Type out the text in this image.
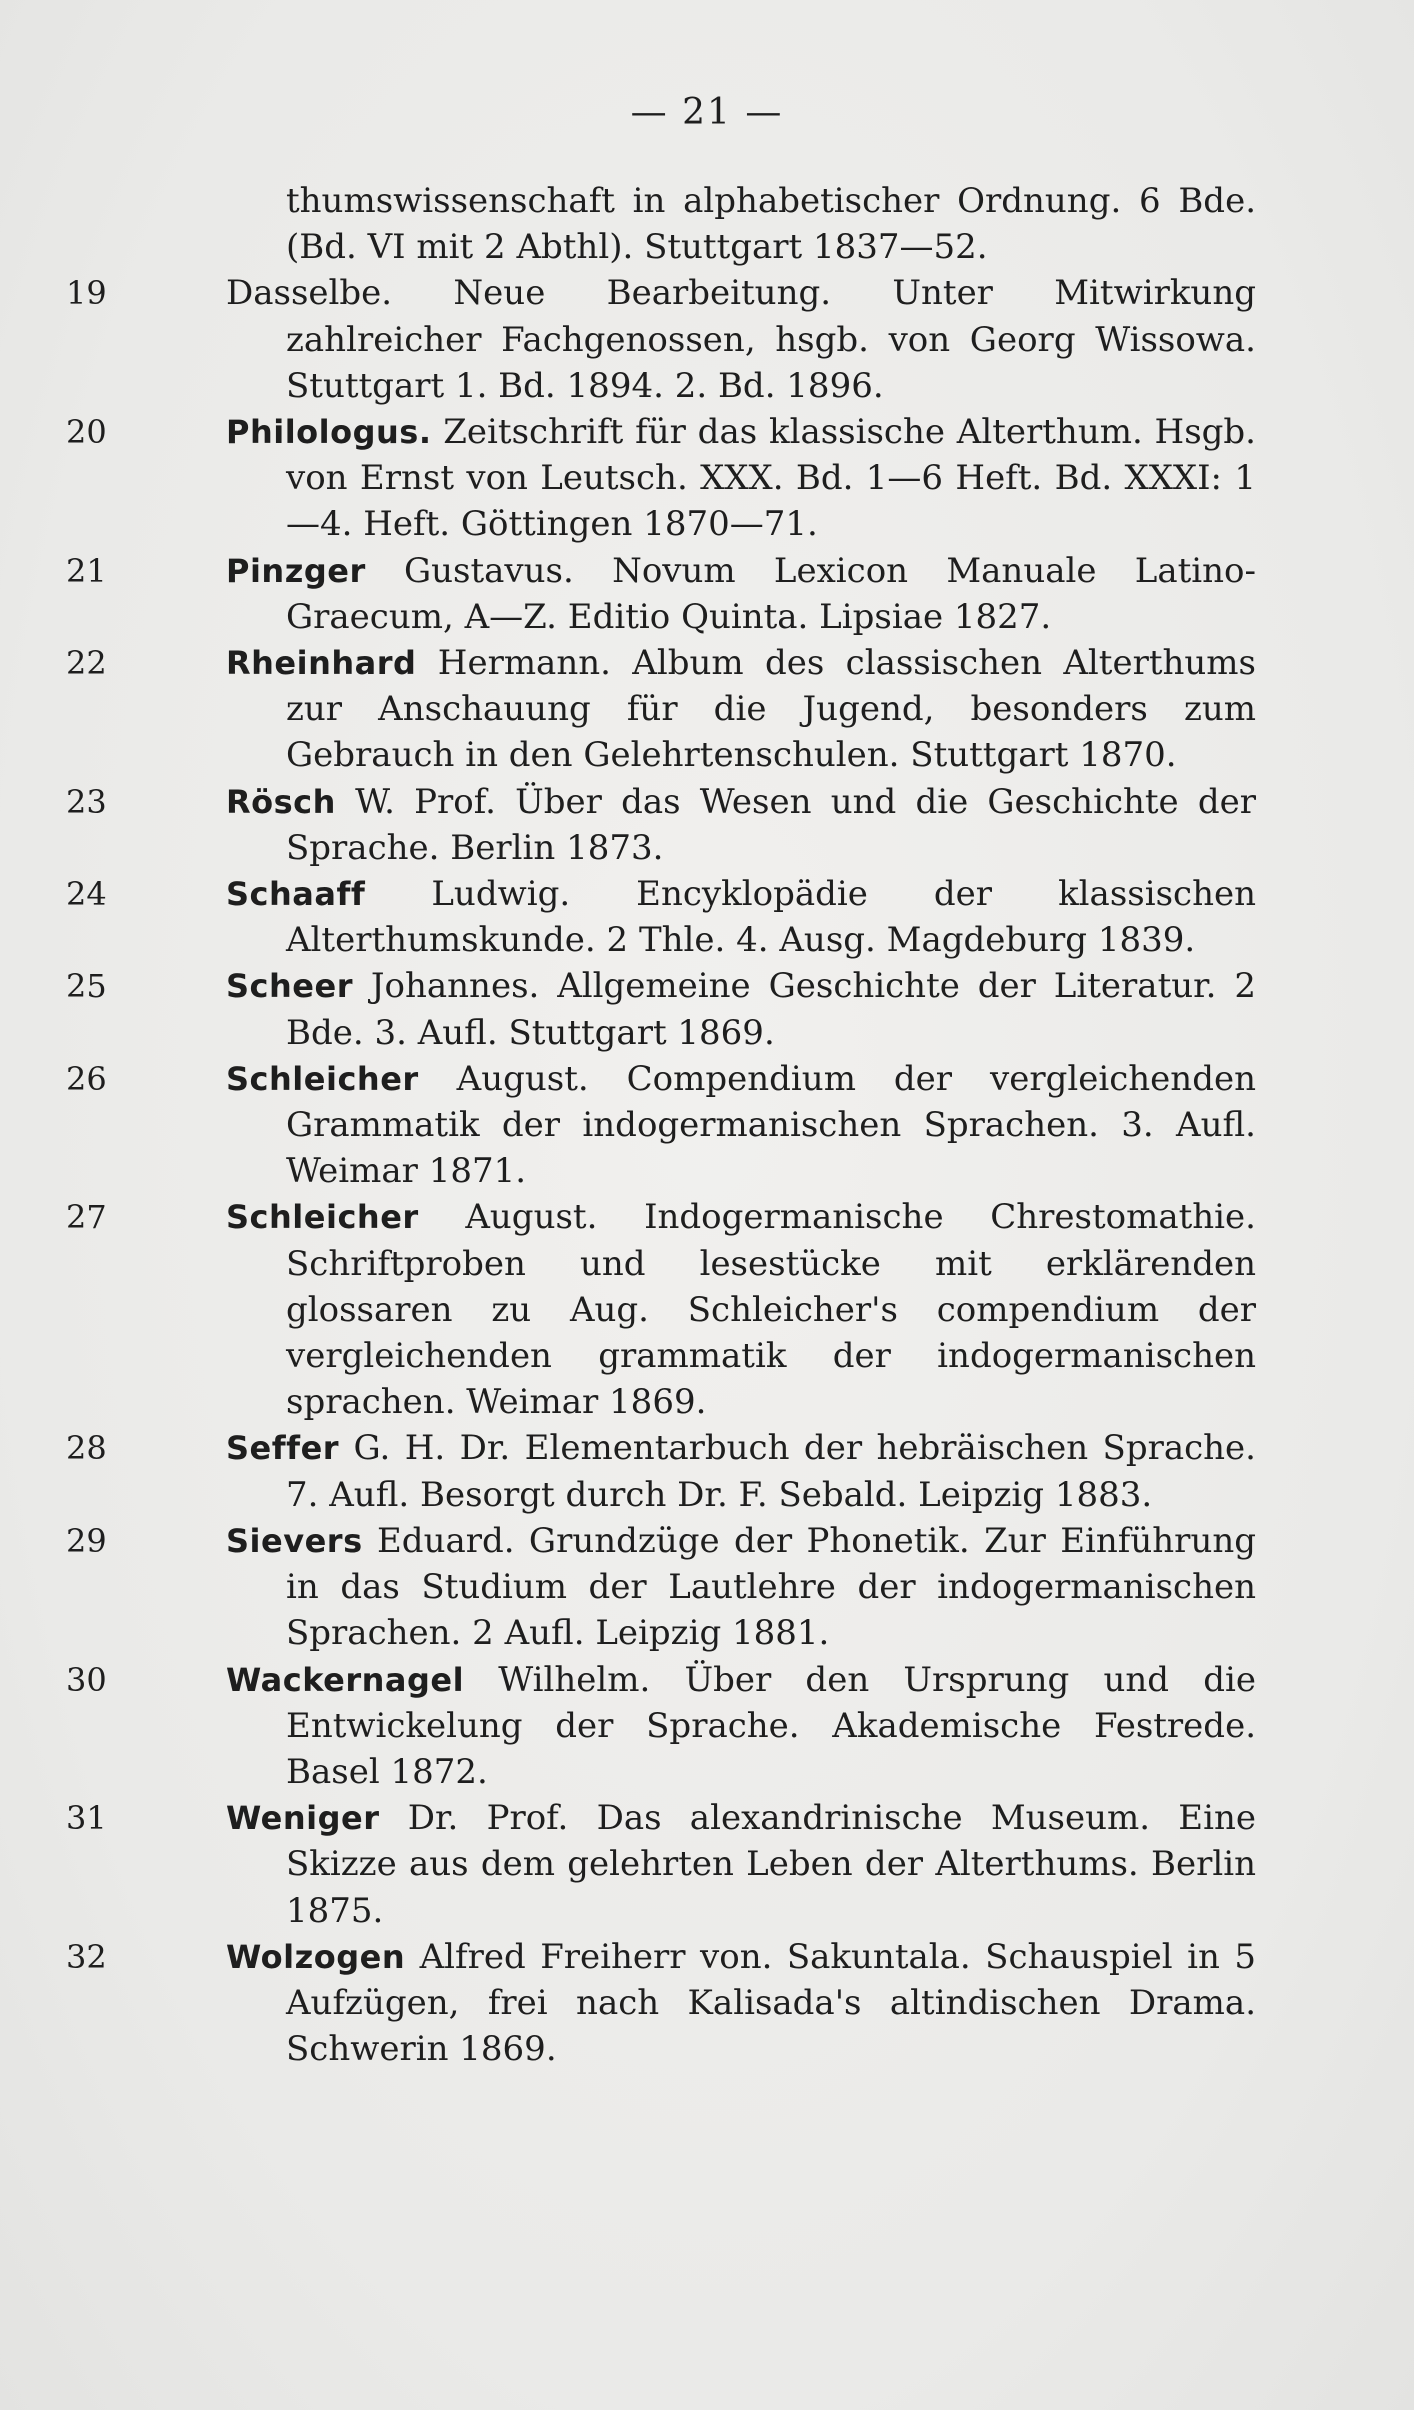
— 21 —
thumswissenschaft in alphabetischer Ordnung. 6 Bde. (Bd. VI mit 2 Abthl). Stuttgart 1837—52.
19	Dasselbe. Neue Bearbeitung. Unter Mitwirkung zahlreicher Fachgenossen, hsgb. von Georg Wissowa. Stuttgart 1. Bd. 1894. 2. Bd. 1896.
20	Philologus. Zeitschrift für das klassische Alterthum. Hsgb. von Ernst von Leutsch. XXX. Bd. 1—6 Heft. Bd. XXXI: 1—4. Heft. Göttingen 1870—71.
21	Pinzger Gustavus. Novum Lexicon Manuale Latino-Graecum, A—Z. Editio Quinta. Lipsiae 1827.
22	Rheinhard Hermann. Album des classischen Alterthums zur Anschauung für die Jugend, besonders zum Gebrauch in den Gelehrtenschulen. Stuttgart 1870.
23	Rösch W. Prof. Über das Wesen und die Geschichte der Sprache. Berlin 1873.
24	Schaaff Ludwig. Encyklopädie der klassischen Alterthumskunde. 2 Thle. 4. Ausg. Magdeburg 1839.
25	Scheer Johannes. Allgemeine Geschichte der Literatur. 2 Bde. 3. Aufl. Stuttgart 1869.
26	Schleicher August. Compendium der vergleichenden Grammatik der indogermanischen Sprachen. 3. Aufl. Weimar 1871.
27	Schleicher August. Indogermanische Chrestomathie. Schriftproben und lesestücke mit erklärenden glossaren zu Aug. Schleicher's compendium der vergleichenden grammatik der indogermanischen sprachen. Weimar 1869.
28	Seffer G. H. Dr. Elementarbuch der hebräischen Sprache. 7. Aufl. Besorgt durch Dr. F. Sebald. Leipzig 1883.
29	Sievers Eduard. Grundzüge der Phonetik. Zur Einführung in das Studium der Lautlehre der indogermanischen Sprachen. 2 Aufl. Leipzig 1881.
30	Wackernagel Wilhelm. Über den Ursprung und die Entwickelung der Sprache. Akademische Festrede. Basel 1872.
31	Weniger Dr. Prof. Das alexandrinische Museum. Eine Skizze aus dem gelehrten Leben der Alterthums. Berlin 1875.
32	Wolzogen Alfred Freiherr von. Sakuntala. Schauspiel in 5 Aufzügen, frei nach Kalisada's altindischen Drama. Schwerin 1869.
